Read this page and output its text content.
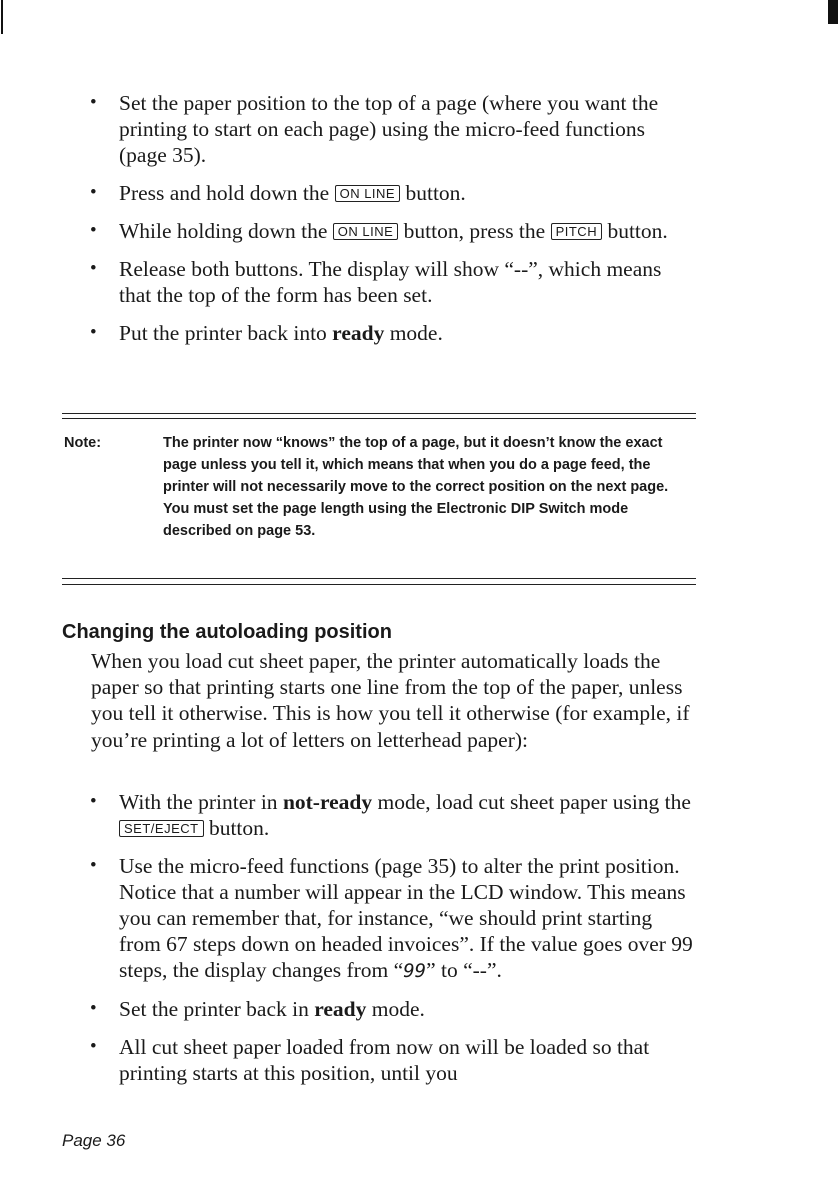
• Set the paper position to the top of a page (where you want the printing to start on each page) using the micro-feed functions (page 35).
• Press and hold down the ON LINE button.
• While holding down the ON LINE button, press the PITCH button.
• Release both buttons. The display will show “--”, which means that the top of the form has been set.
• Put the printer back into ready mode.
Note:	The printer now “knows” the top of a page, but it doesn’t know the exact page unless you tell it, which means that when you do a page feed, the printer will not necessarily move to the correct position on the next page. You must set the page length using the Electronic DIP Switch mode described on page 53.
Changing the autoloading position

When you load cut sheet paper, the printer automatically loads the paper so that printing starts one line from the top of the paper, unless you tell it otherwise. This is how you tell it otherwise (for example, if you’re printing a lot of letters on letterhead paper):

• With the printer in not-ready mode, load cut sheet paper using the SET/EJECT button.
• Use the micro-feed functions (page 35) to alter the print position. Notice that a number will appear in the LCD window. This means you can remember that, for instance, “we should print starting from 67 steps down on headed invoices”. If the value goes over 99 steps, the display changes from “99” to “--”.
• Set the printer back in ready mode.
• All cut sheet paper loaded from now on will be loaded so that printing starts at this position, until you
Page 36
